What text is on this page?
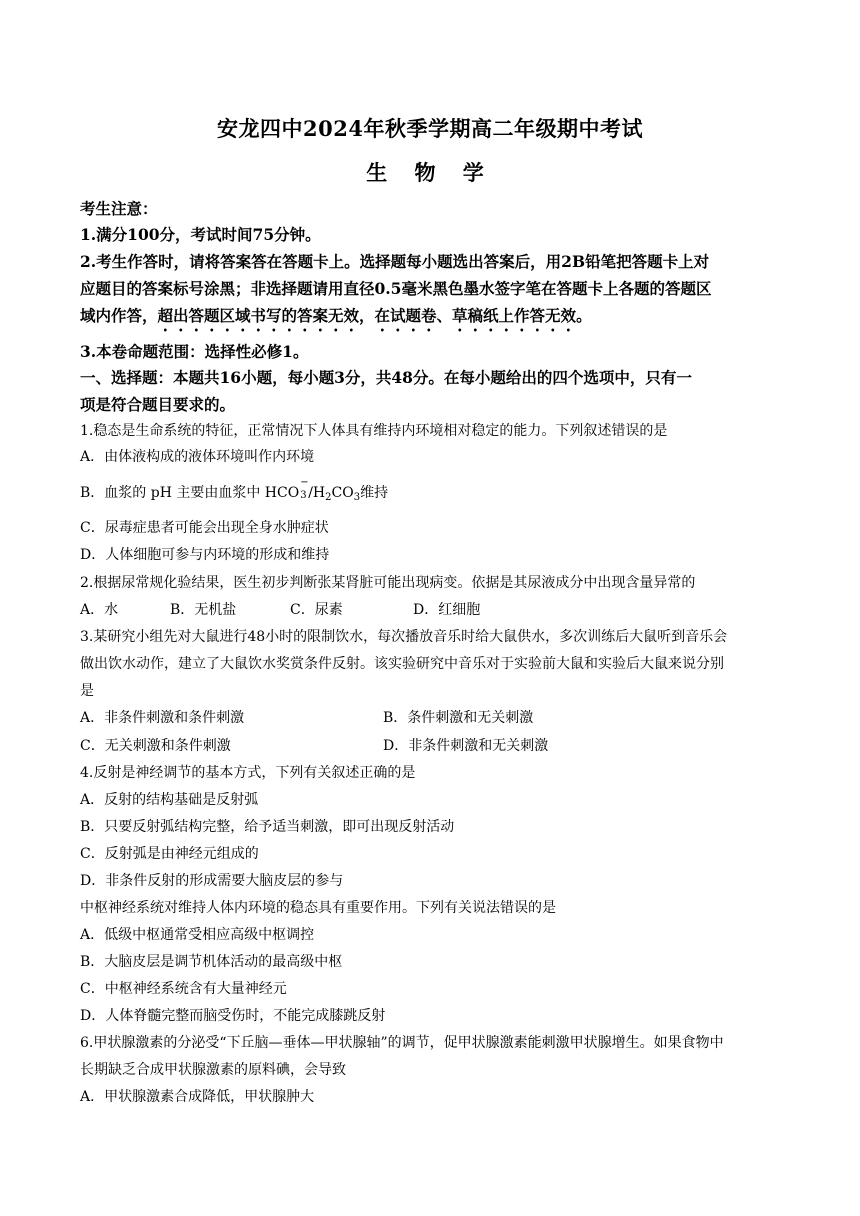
安龙四中2024年秋季学期高二年级期中考试
生 物 学
考生注意：
1.满分100分，考试时间75分钟。
2.考生作答时，请将答案答在答题卡上。选择题每小题选出答案后，用2B铅笔把答题卡上对
应题目的答案标号涂黑；非选择题请用直径0.5毫米黑色墨水签字笔在答题卡上各题的答题区
域内作答，超出答题区域书写的答案无效，在试题卷、草稿纸上作答无效。
3.本卷命题范围：选择性必修1。
一、选择题：本题共16小题，每小题3分，共48分。在每小题给出的四个选项中，只有一
项是符合题目要求的。
1.稳态是生命系统的特征，正常情况下人体具有维持内环境相对稳定的能力。下列叙述错误的是
A．由体液构成的液体环境叫作内环境
B．血浆的 pH 主要由血浆中 HCO
−
3 $/H_2CO_3$维持
C．尿毒症患者可能会出现全身水肿症状
D．人体细胞可参与内环境的形成和维持
2.根据尿常规化验结果，医生初步判断张某肾脏可能出现病变。依据是其尿液成分中出现含量异常的
A．水	B．无机盐	C．尿素	D．红细胞
3.某研究小组先对大鼠进行48小时的限制饮水，每次播放音乐时给大鼠供水，多次训练后大鼠听到音乐会
做出饮水动作，建立了大鼠饮水奖赏条件反射。该实验研究中音乐对于实验前大鼠和实验后大鼠来说分别
是
A．非条件刺激和条件刺激	B．条件刺激和无关刺激
C．无关刺激和条件刺激	D．非条件刺激和无关刺激
4.反射是神经调节的基本方式，下列有关叙述正确的是
A．反射的结构基础是反射弧
B．只要反射弧结构完整，给予适当刺激，即可出现反射活动
C．反射弧是由神经元组成的
D．非条件反射的形成需要大脑皮层的参与
中枢神经系统对维持人体内环境的稳态具有重要作用。下列有关说法错误的是
A．低级中枢通常受相应高级中枢调控
B．大脑皮层是调节机体活动的最高级中枢
C．中枢神经系统含有大量神经元
D．人体脊髓完整而脑受伤时，不能完成膝跳反射
6.甲状腺激素的分泌受“下丘脑—垂体—甲状腺轴”的调节，促甲状腺激素能刺激甲状腺增生。如果食物中
长期缺乏合成甲状腺激素的原料碘，会导致
A．甲状腺激素合成降低，甲状腺肿大
